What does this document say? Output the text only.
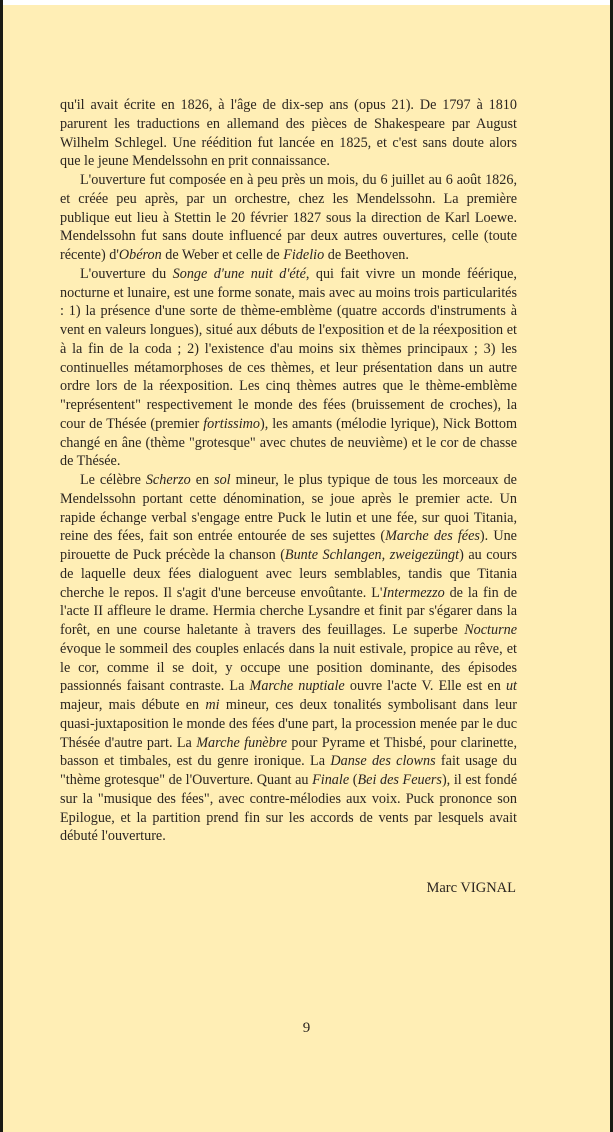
qu'il avait écrite en 1826, à l'âge de dix-sep ans (opus 21). De 1797 à 1810 parurent les traductions en allemand des pièces de Shakespeare par August Wilhelm Schlegel. Une réédition fut lancée en 1825, et c'est sans doute alors que le jeune Mendelssohn en prit connaissance.

L'ouverture fut composée en à peu près un mois, du 6 juillet au 6 août 1826, et créée peu après, par un orchestre, chez les Mendelssohn. La première publique eut lieu à Stettin le 20 février 1827 sous la direction de Karl Loewe. Mendelssohn fut sans doute influencé par deux autres ouvertures, celle (toute récente) d'Obéron de Weber et celle de Fidelio de Beethoven.

L'ouverture du Songe d'une nuit d'été, qui fait vivre un monde féérique, nocturne et lunaire, est une forme sonate, mais avec au moins trois particularités : 1) la présence d'une sorte de thème-emblème (quatre accords d'instruments à vent en valeurs longues), situé aux débuts de l'exposition et de la réexposition et à la fin de la coda ; 2) l'existence d'au moins six thèmes principaux ; 3) les continuelles métamorphoses de ces thèmes, et leur présentation dans un autre ordre lors de la réexposition. Les cinq thèmes autres que le thème-emblème "représentent" respectivement le monde des fées (bruissement de croches), la cour de Thésée (premier fortissimo), les amants (mélodie lyrique), Nick Bottom changé en âne (thème "grotesque" avec chutes de neuvième) et le cor de chasse de Thésée.

Le célèbre Scherzo en sol mineur, le plus typique de tous les morceaux de Mendelssohn portant cette dénomination, se joue après le premier acte. Un rapide échange verbal s'engage entre Puck le lutin et une fée, sur quoi Titania, reine des fées, fait son entrée entourée de ses sujettes (Marche des fées). Une pirouette de Puck précède la chanson (Bunte Schlangen, zweigezüngt) au cours de laquelle deux fées dialoguent avec leurs semblables, tandis que Titania cherche le repos. Il s'agit d'une berceuse envoûtante. L'Intermezzo de la fin de l'acte II affleure le drame. Hermia cherche Lysandre et finit par s'égarer dans la forêt, en une course haletante à travers des feuillages. Le superbe Nocturne évoque le sommeil des couples enlacés dans la nuit estivale, propice au rêve, et le cor, comme il se doit, y occupe une position dominante, des épisodes passionnés faisant contraste. La Marche nuptiale ouvre l'acte V. Elle est en ut majeur, mais débute en mi mineur, ces deux tonalités symbolisant dans leur quasi-juxtaposition le monde des fées d'une part, la procession menée par le duc Thésée d'autre part. La Marche funèbre pour Pyrame et Thisbé, pour clarinette, basson et timbales, est du genre ironique. La Danse des clowns fait usage du "thème grotesque" de l'Ouverture. Quant au Finale (Bei des Feuers), il est fondé sur la "musique des fées", avec contre-mélodies aux voix. Puck prononce son Epilogue, et la partition prend fin sur les accords de vents par lesquels avait débuté l'ouverture.

Marc VIGNAL
9
